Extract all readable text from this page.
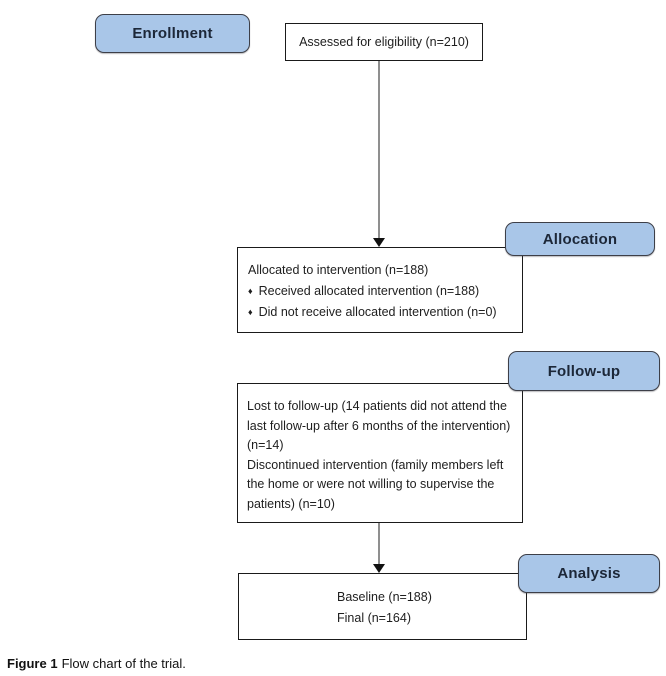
Enrollment
Allocation
Follow-up
Analysis
Assessed for eligibility (n=210)
Allocated to intervention (n=188)
♦ Received allocated intervention (n=188)
♦ Did not receive allocated intervention (n=0)
Lost to follow-up (14 patients did not attend the
last follow-up after 6 months of the intervention)
(n=14)
Discontinued intervention (family members left
the home or were not willing to supervise the
patients) (n=10)
Baseline (n=188)
Final (n=164)
Figure 1 Flow chart of the trial.
